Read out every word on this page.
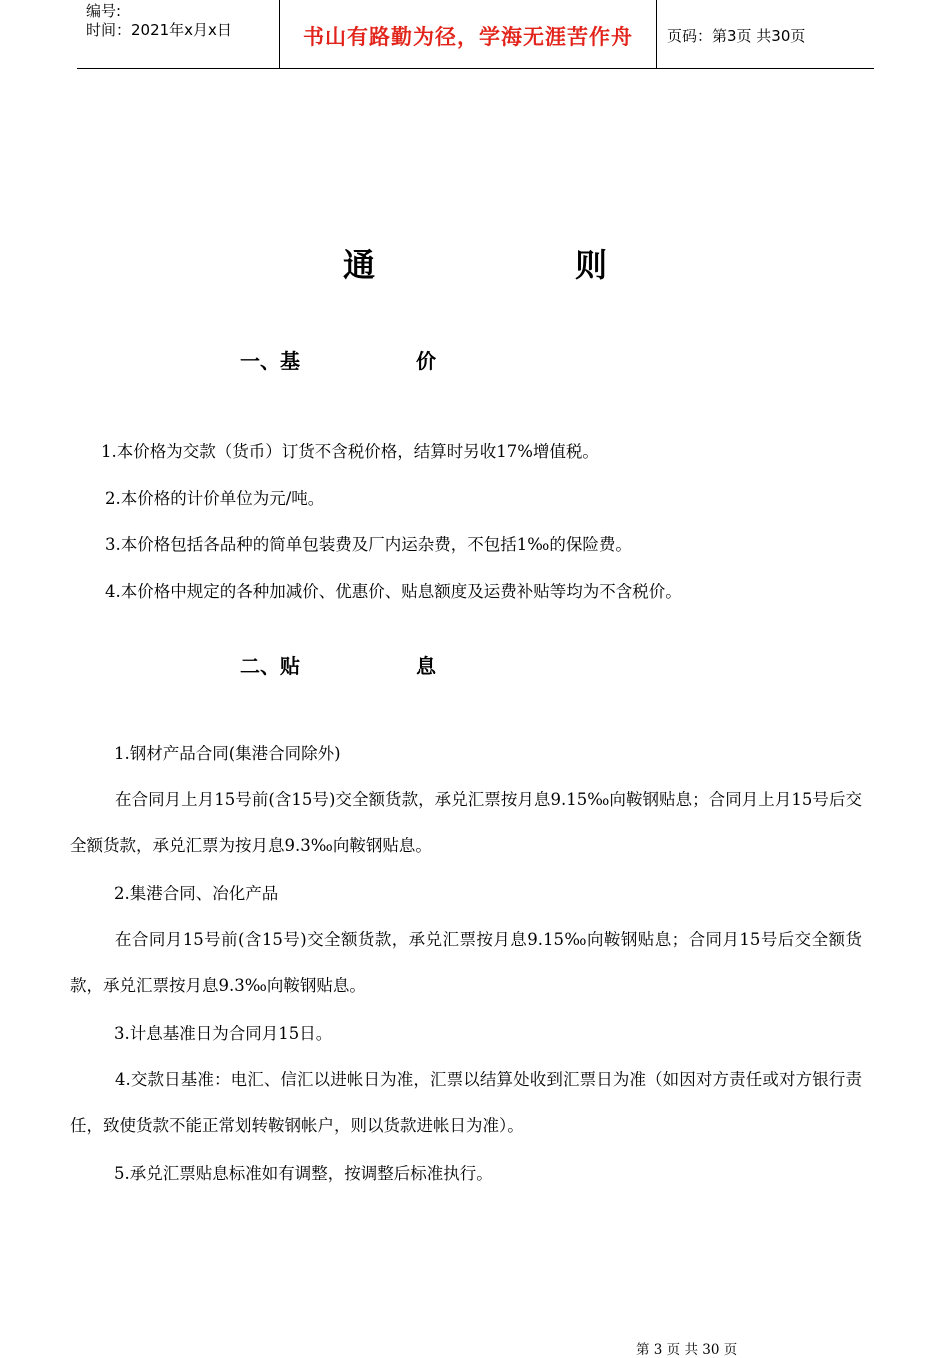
编号:
时间：2021年x月x日	书山有路勤为径，学海无涯苦作舟	页码：第3页 共30页
通	则
一、基	价
1.本价格为交款（货币）订货不含税价格，结算时另收17%增值税。
2.本价格的计价单位为元/吨。
3.本价格包括各品种的简单包装费及厂内运杂费，不包括1‰的保险费。
4.本价格中规定的各种加减价、优惠价、贴息额度及运费补贴等均为不含税价。
二、贴	息
1.钢材产品合同(集港合同除外)
在合同月上月15号前(含15号)交全额货款，承兑汇票按月息9.15‰向鞍钢贴息；合同月上月15号后交全额货款，承兑汇票为按月息9.3‰向鞍钢贴息。
2.集港合同、冶化产品
在合同月15号前(含15号)交全额货款，承兑汇票按月息9.15‰向鞍钢贴息；合同月15号后交全额货款，承兑汇票按月息9.3‰向鞍钢贴息。
3.计息基准日为合同月15日。
4.交款日基准：电汇、信汇以进帐日为准，汇票以结算处收到汇票日为准（如因对方责任或对方银行责任，致使货款不能正常划转鞍钢帐户，则以货款进帐日为准）。
5.承兑汇票贴息标准如有调整，按调整后标准执行。
第 3 页 共 30 页
